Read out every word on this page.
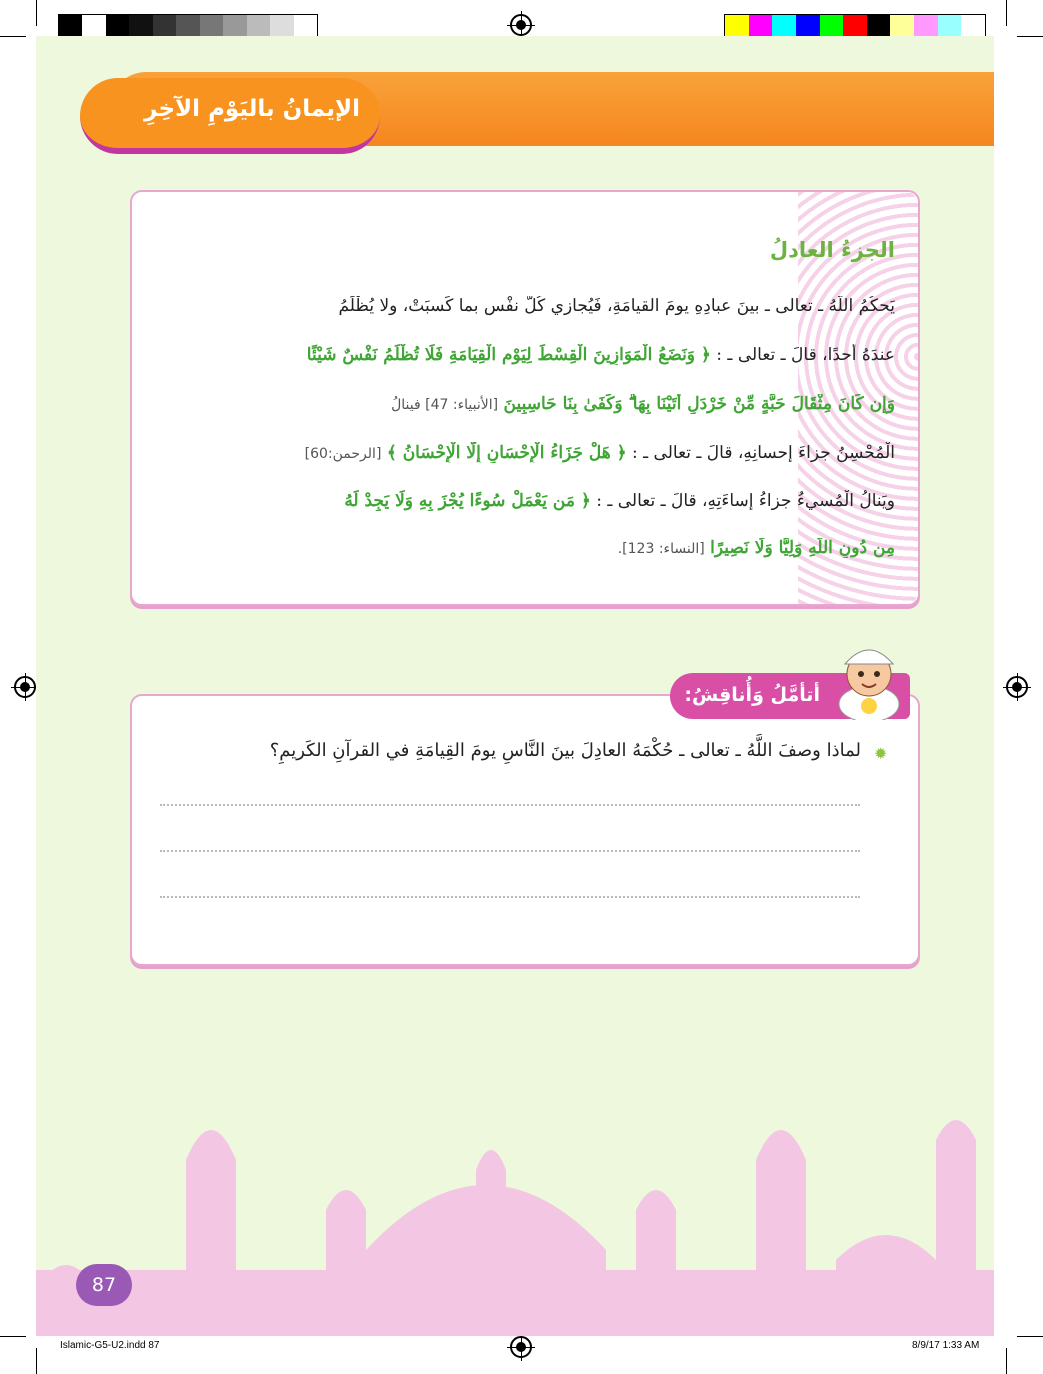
الإيمانُ باليَوْمِ الآخِرِ
الجزءُ العادلُ
يَحكُمُ اللَّهُ ـ تعالى ـ بينَ عبادِهِ يومَ القيامَةِ، فَيُجازي كُلَّ نفْسٍ بما كَسبَتْ، ولا يُظْلَمُ
عندَهُ أحدًا، قالَ ـ تعالى ـ : ﴿ وَنَضَعُ الْمَوَازِينَ الْقِسْطَ لِيَوْمِ الْقِيَامَةِ فَلَا تُظْلَمُ نَفْسٌ شَيْئًا
وَإِن كَانَ مِثْقَالَ حَبَّةٍ مِّنْ خَرْدَلٍ أَتَيْنَا بِهَا ۗ وَكَفَىٰ بِنَا حَاسِبِينَ [الأنبياء: 47] فينالُ
الْمُحْسِنُ جزاءَ إحسانِهِ، قالَ ـ تعالى ـ : ﴿ هَلْ جَزَاءُ الْإِحْسَانِ إِلَّا الْإِحْسَانُ ﴾ [الرحمن:60]
ويَنالُ الْمُسيءُ جزاءُ إساءَتِهِ، قالَ ـ تعالى ـ : ﴿ مَن يَعْمَلْ سُوءًا يُجْزَ بِهِ وَلَا يَجِدْ لَهُ
مِن دُونِ اللَّهِ وَلِيًّا وَلَا نَصِيرًا [النساء: 123].
أتأمَّلُ وَأُناقِشُ:
✹
لماذا وصفَ اللَّهُ ـ تعالى ـ حُكْمَهُ العادِلَ بينَ النَّاسِ يومَ القِيامَةِ في القرآنِ الكَريمِ؟
87
Islamic-G5-U2.indd 87	8/9/17 1:33 AM
